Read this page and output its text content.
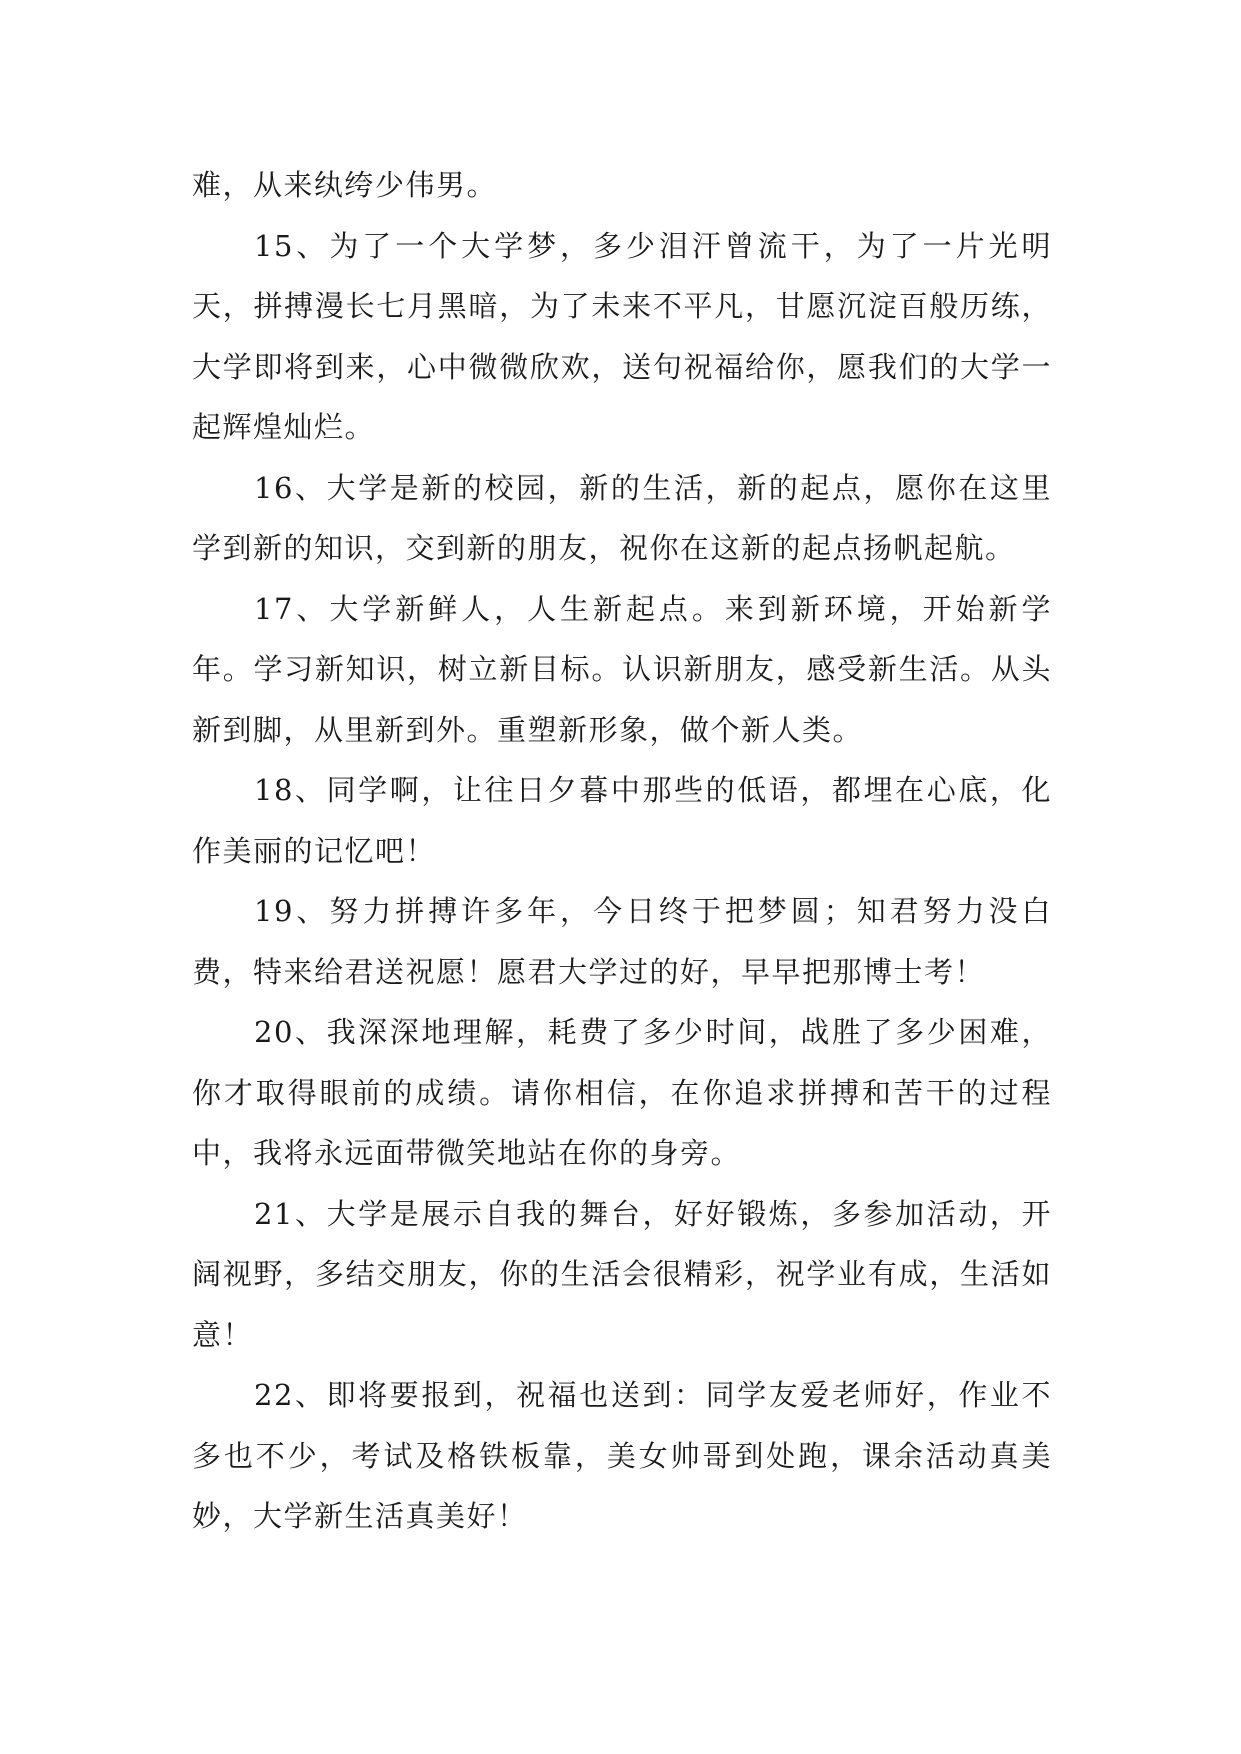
难，从来纨绔少伟男。

15、为了一个大学梦，多少泪汗曾流干，为了一片光明天，拼搏漫长七月黑暗，为了未来不平凡，甘愿沉淀百般历练，大学即将到来，心中微微欣欢，送句祝福给你，愿我们的大学一起辉煌灿烂。

16、大学是新的校园，新的生活，新的起点，愿你在这里学到新的知识，交到新的朋友，祝你在这新的起点扬帆起航。

17、大学新鲜人，人生新起点。来到新环境，开始新学年。学习新知识，树立新目标。认识新朋友，感受新生活。从头新到脚，从里新到外。重塑新形象，做个新人类。

18、同学啊，让往日夕暮中那些的低语，都埋在心底，化作美丽的记忆吧！

19、努力拼搏许多年，今日终于把梦圆；知君努力没白费，特来给君送祝愿！愿君大学过的好，早早把那博士考！

20、我深深地理解，耗费了多少时间，战胜了多少困难，你才取得眼前的成绩。请你相信，在你追求拼搏和苦干的过程中，我将永远面带微笑地站在你的身旁。

21、大学是展示自我的舞台，好好锻炼，多参加活动，开阔视野，多结交朋友，你的生活会很精彩，祝学业有成，生活如意！

22、即将要报到，祝福也送到：同学友爱老师好，作业不多也不少，考试及格铁板靠，美女帅哥到处跑，课余活动真美妙，大学新生活真美好！
